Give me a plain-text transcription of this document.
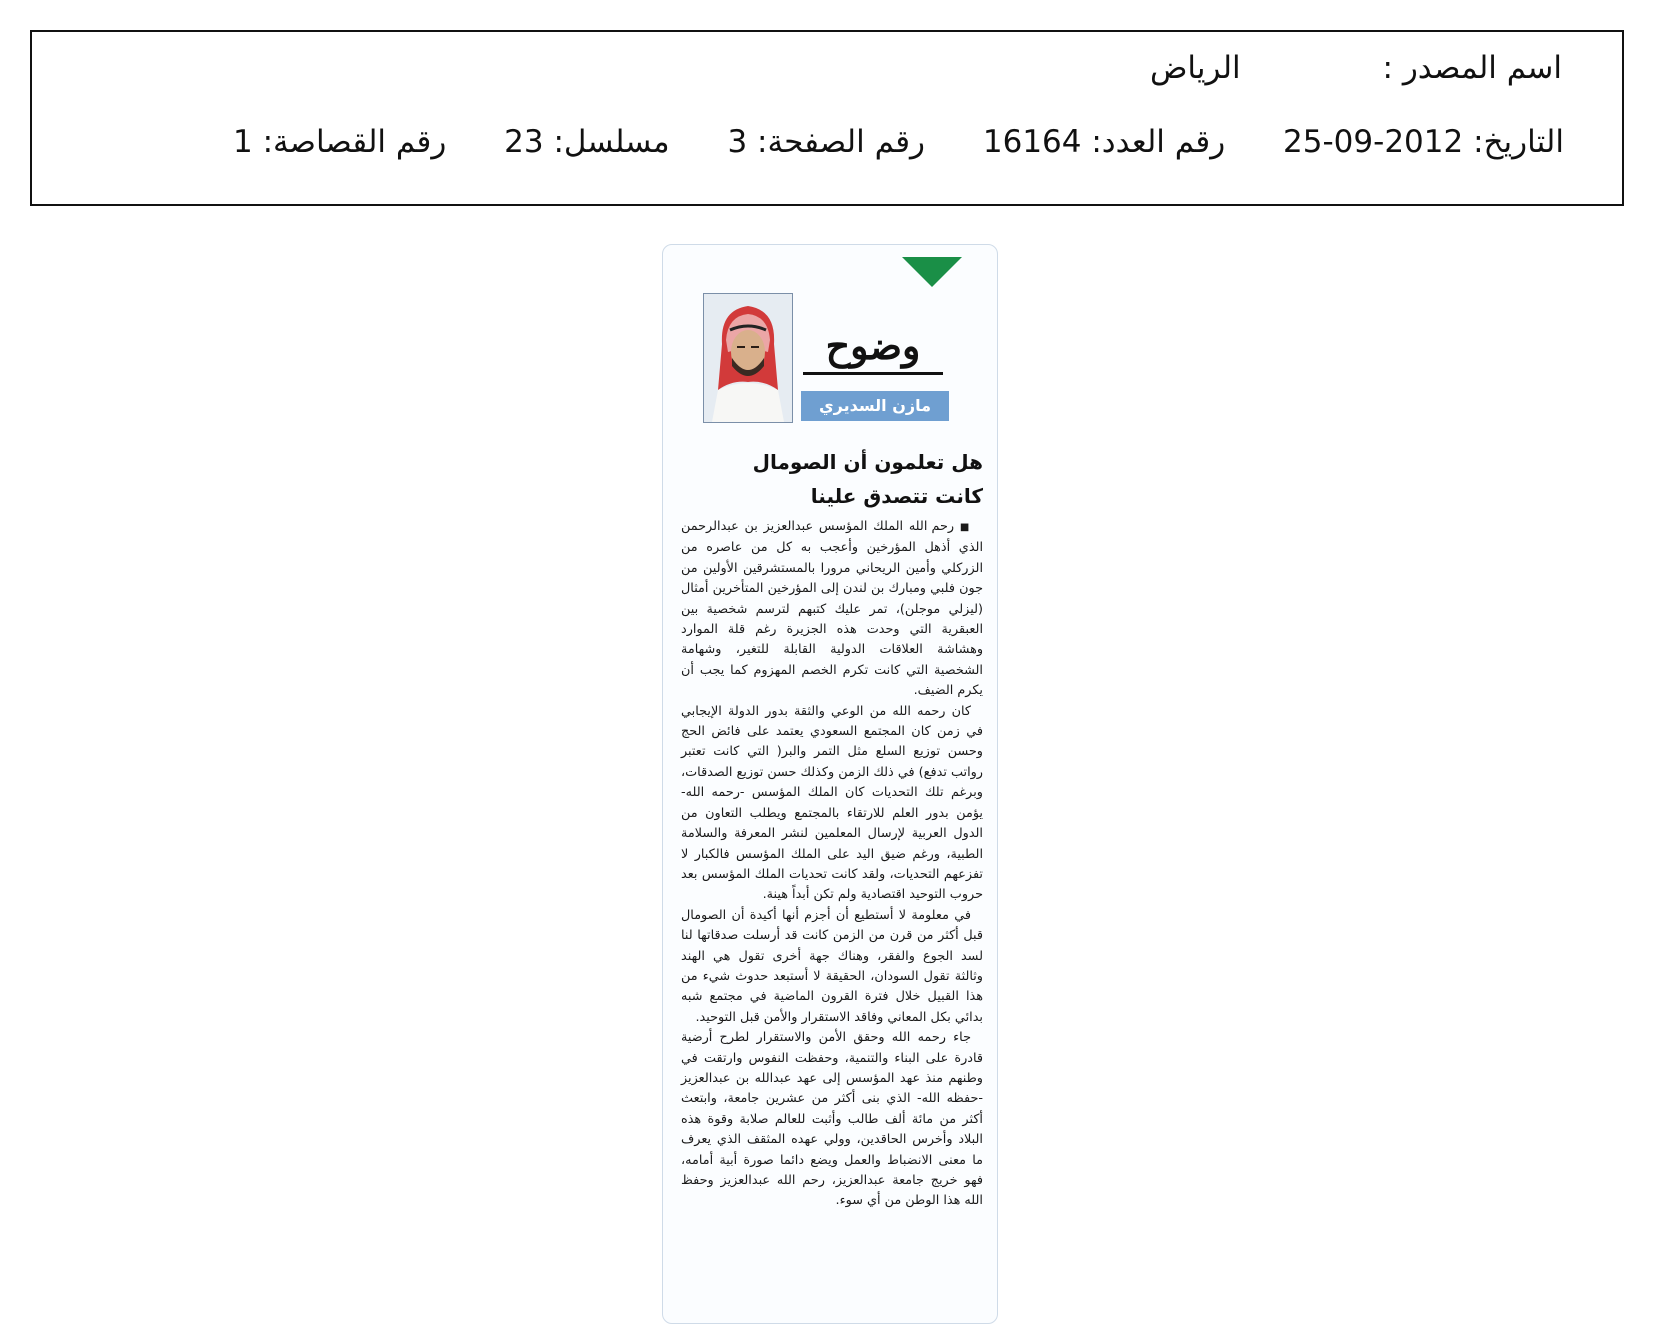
اسم المصدر : الرياض
التاريخ: 2012-09-25 رقم العدد: 16164 رقم الصفحة: 3 مسلسل: 23 رقم القصاصة: 1
وضوح
مازن السديري
هل تعلمون أن الصومال
كانت تتصدق علينا

■ رحم الله الملك المؤسس عبدالعزيز بن عبدالرحمن الذي أذهل المؤرخين وأعجب به كل من عاصره من الزركلي وأمين الريحاني مرورا بالمستشرقين الأولين من جون فلبي ومبارك بن لندن إلى المؤرخين المتأخرين أمثال (ليزلي موجلن)، تمر عليك كتبهم لترسم شخصية بين العبقرية التي وحدت هذه الجزيرة رغم قلة الموارد وهشاشة العلاقات الدولية القابلة للتغير، وشهامة الشخصية التي كانت تكرم الخصم المهزوم كما يجب أن يكرم الضيف.

كان رحمه الله من الوعي والثقة بدور الدولة الإيجابي في زمن كان المجتمع السعودي يعتمد على فائض الحج وحسن توزيع السلع مثل التمر والبر( التي كانت تعتبر رواتب تدفع) في ذلك الزمن وكذلك حسن توزيع الصدقات، وبرغم تلك التحديات كان الملك المؤسس -رحمه الله- يؤمن بدور العلم للارتقاء بالمجتمع ويطلب التعاون من الدول العربية لإرسال المعلمين لنشر المعرفة والسلامة الطبية، ورغم ضيق اليد على الملك المؤسس فالكبار لا تفزعهم التحديات، ولقد كانت تحديات الملك المؤسس بعد حروب التوحيد اقتصادية ولم تكن أبداً هينة.

في معلومة لا أستطيع أن أجزم أنها أكيدة أن الصومال قبل أكثر من قرن من الزمن كانت قد أرسلت صدقاتها لنا لسد الجوع والفقر، وهناك جهة أخرى تقول هي الهند وثالثة تقول السودان، الحقيقة لا أستبعد حدوث شيء من هذا القبيل خلال فترة القرون الماضية في مجتمع شبه بدائي بكل المعاني وفاقد الاستقرار والأمن قبل التوحيد.

جاء رحمه الله وحقق الأمن والاستقرار لطرح أرضية قادرة على البناء والتنمية، وحفظت النفوس وارتقت في وطنهم منذ عهد المؤسس إلى عهد عبدالله بن عبدالعزيز -حفظه الله- الذي بنى أكثر من عشرين جامعة، وابتعث أكثر من مائة ألف طالب وأثبت للعالم صلابة وقوة هذه البلاد وأخرس الحاقدين، وولي عهده المثقف الذي يعرف ما معنى الانضباط والعمل ويضع دائما صورة أبية أمامه، فهو خريج جامعة عبدالعزيز، رحم الله عبدالعزيز وحفظ الله هذا الوطن من أي سوء.
